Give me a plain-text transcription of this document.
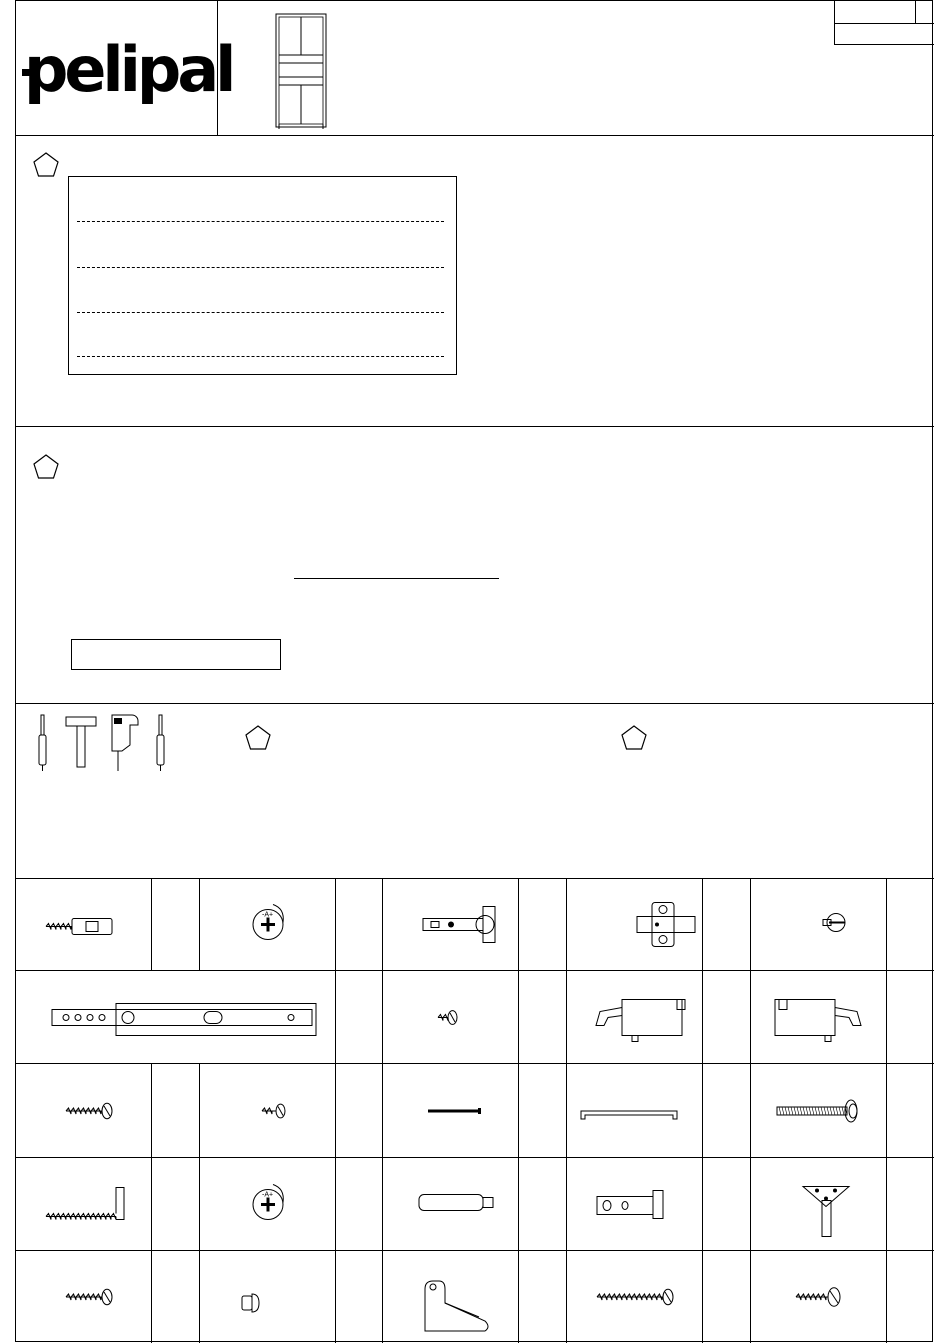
pelipal
-A+
-A+
